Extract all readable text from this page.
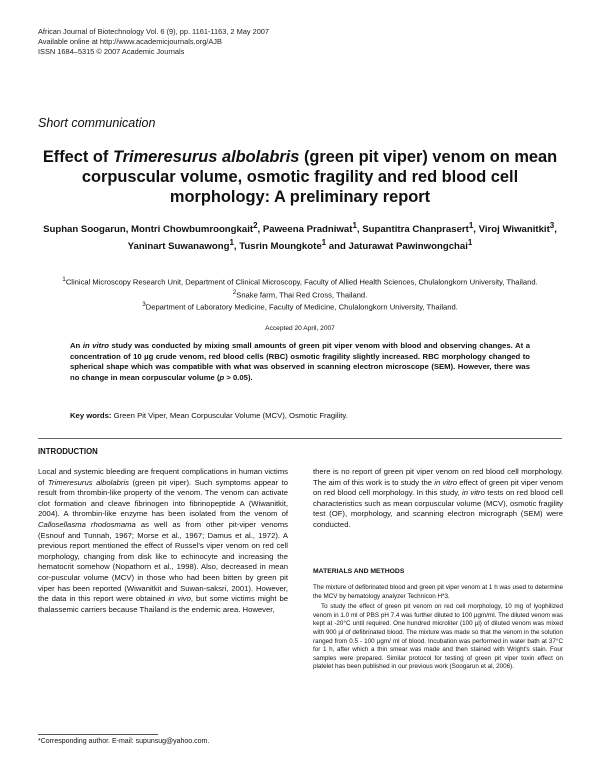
African Journal of Biotechnology Vol. 6 (9), pp. 1161-1163, 2 May 2007
Available online at http://www.academicjournals.org/AJB
ISSN 1684–5315 © 2007 Academic Journals
Short communication
Effect of Trimeresurus albolabris (green pit viper) venom on mean corpuscular volume, osmotic fragility and red blood cell morphology: A preliminary report
Suphan Soogarun, Montri Chowbumroongkait$^2$, Paweena Pradniwat$^1$, Supantitra Chanprasert$^1$, Viroj Wiwanitkit$^3$, Yaninart Suwanawong$^1$, Tusrin Moungkote$^1$ and Jaturawat Pawinwongchai$^1$
$^1$Clinical Microscopy Research Unit, Department of Clinical Microscopy, Faculty of Allied Health Sciences, Chulalongkorn University, Thailand.
$^2$Snake farm, Thai Red Cross, Thailand.
$^3$Department of Laboratory Medicine, Faculty of Medicine, Chulalongkorn University, Thailand.
Accepted 20 April, 2007
An in vitro study was conducted by mixing small amounts of green pit viper venom with blood and observing changes. At a concentration of 10 µg crude venom, red blood cells (RBC) osmotic fragility slightly increased. RBC morphology changed to spherical shape which was compatible with what was observed in scanning electron microscope (SEM). However, there was no change in mean corpuscular volume (p > 0.05).
Key words: Green Pit Viper, Mean Corpuscular Volume (MCV), Osmotic Fragility.
INTRODUCTION

Local and systemic bleeding are frequent complications in human victims of Trimeresurus albolabris (green pit viper). Such symptoms appear to result from thrombin-like property of the venom. The venom can activate clot formation and cleave fibrinogen into fibrinopeptide A (Wiwanitkit, 2004). A thrombin-like enzyme has been isolated from the venom of Callosellasma rhodosmama as well as from other pit-viper venoms (Esnouf and Tunnah, 1967; Morse et al., 1967; Damus et al., 1972). A previous report mentioned the effect of Russel's viper venom on red cell morphology, changing from disk like to echinocyte and increasing the hematocrit somehow (Nopathorn et al., 1998). Also, decreased in mean cor-puscular volume (MCV) in those who had been bitten by green pit viper has been reported (Wiwanitkit and Suwan-saksri, 2001). However, the data in this report were obtained in vivo, but some victims might be thalassemic carriers because Thailand is the endemic area. However,

there is no report of green pit viper venom on red blood cell morphology. The aim of this work is to study the in vitro effect of green pit viper venom on red blood cell morphology. In this study, in vitro tests on red blood cell characteristics such as mean corpuscular volume (MCV), osmotic fragility test (OF), morphology, and scanning electron micrograph (SEM) were conducted.

MATERIALS AND METHODS

The mixture of defibrinated blood and green pit viper venom at 1 h was used to determine the MCV by hematology analyzer Technicon H*3.

To study the effect of green pit venom on red cell morphology, 10 mg of lyophilized venom in 1.0 ml of PBS pH 7.4 was further diluted to 100 µgm/ml. The diluted venom was kept at -20°C until required. One hundred microliter (100 µl) of diluted venom was mixed with 900 µl of defibrinated blood. The mixture was made so that the venom in the solution ranged from 0.5 - 100 µgm/ ml of blood. Incubation was performed in water bath at 37°C for 1 h, after which a thin smear was made and then stained with Wright's stain. Four samples were prepared. Similar protocol for testing of green pit viper toxin effect on platelet has been published in our previous work (Soogarun et al, 2006).

*Corresponding author. E-mail: supunsug@yahoo.com.
